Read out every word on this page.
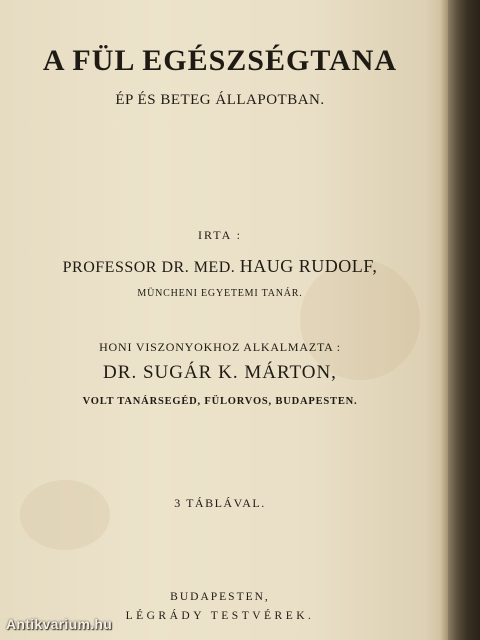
A FÜL EGÉSZSÉGTANA
ÉP ÉS BETEG ÁLLAPOTBAN.
IRTA :
PROFESSOR DR. MED. HAUG RUDOLF,
MÜNCHENI EGYETEMI TANÁR.
HONI VISZONYOKHOZ ALKALMAZTA :
DR. SUGÁR K. MÁRTON,
VOLT TANÁRSEGÉD, FÜLORVOS, BUDAPESTEN.
3 TÁBLÁVAL.
BUDAPESTEN,
LÉGRÁDY TESTVÉREK.
Antikvarium.hu
